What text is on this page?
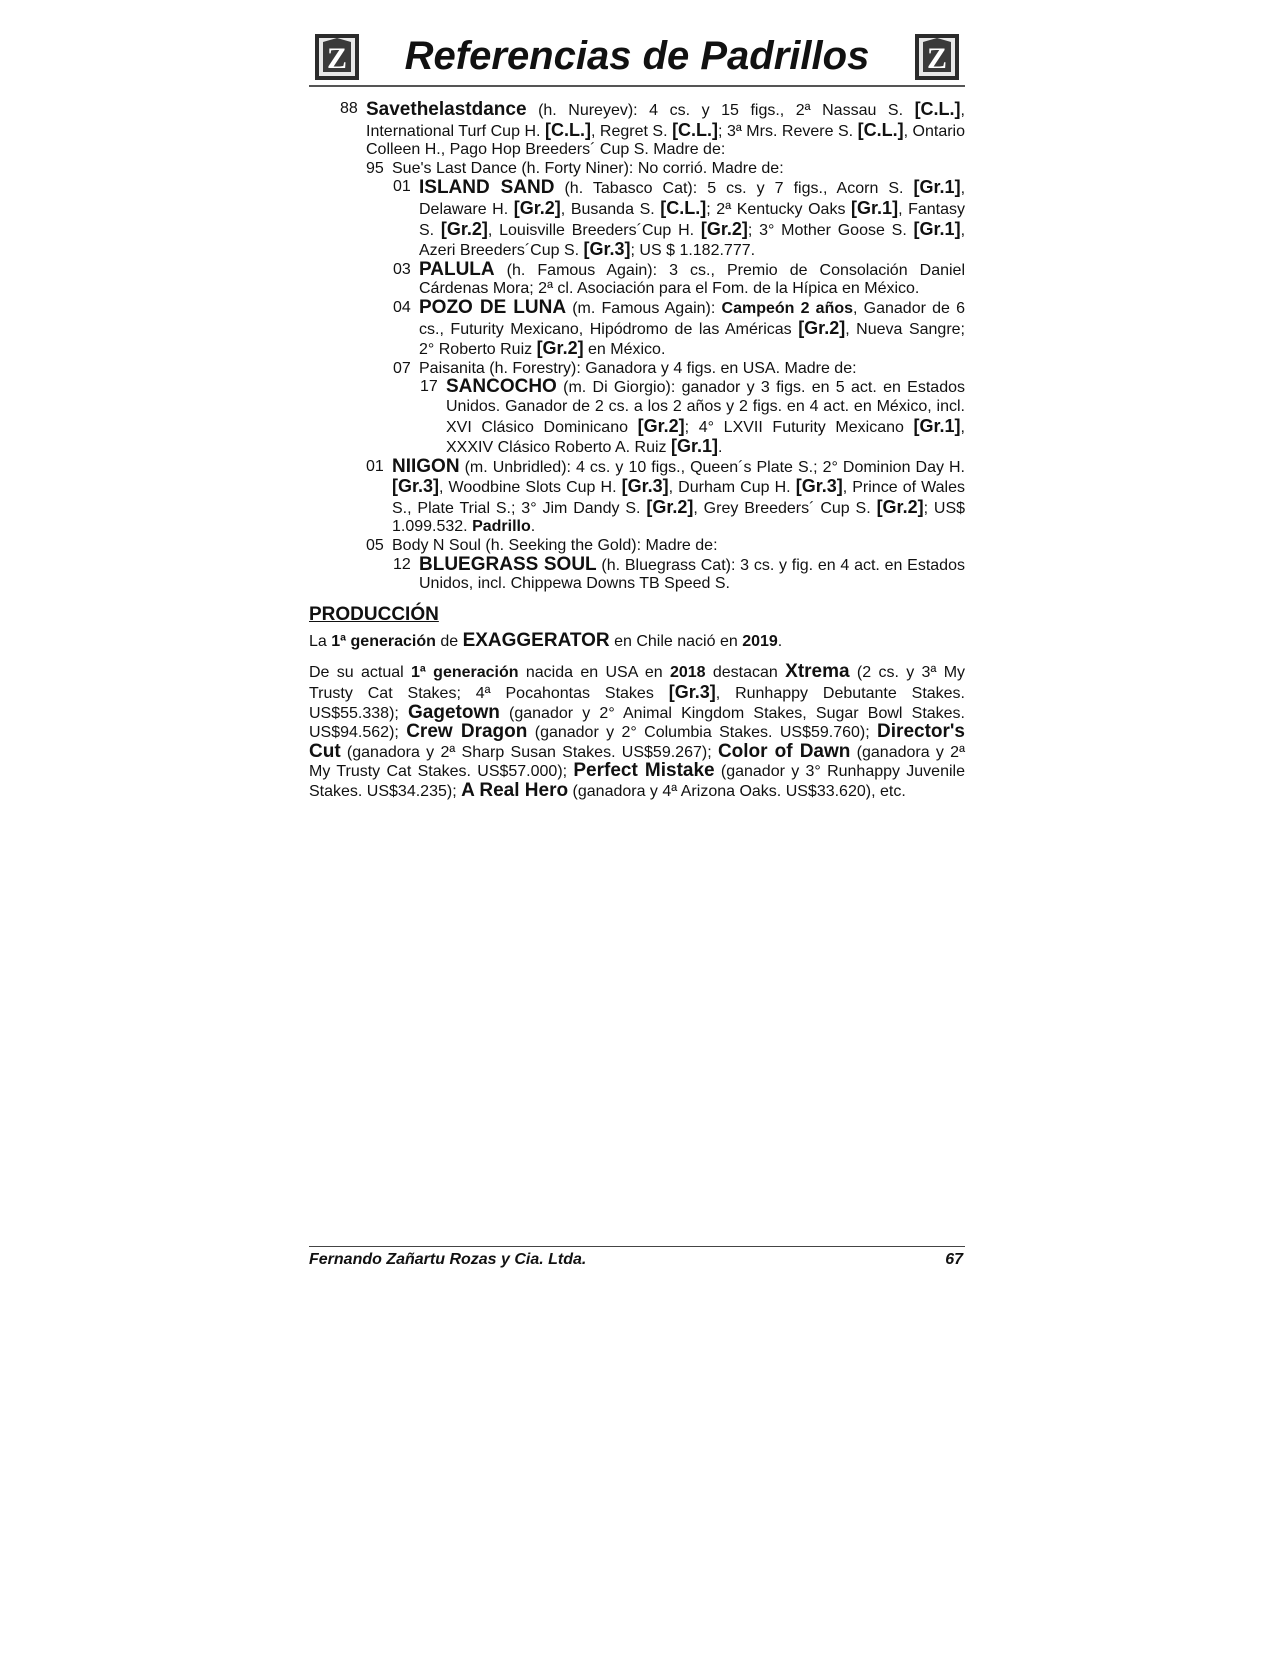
Z	Referencias de Padrillos	Z
88 Savethelastdance (h. Nureyev): 4 cs. y 15 figs., 2ª Nassau S. [C.L.], International Turf Cup H. [C.L.], Regret S. [C.L.]; 3ª Mrs. Revere S. [C.L.], Ontario Colleen H., Pago Hop Breeders´ Cup S. Madre de:
95 Sue's Last Dance (h. Forty Niner): No corrió. Madre de:
01 ISLAND SAND (h. Tabasco Cat): 5 cs. y 7 figs., Acorn S. [Gr.1], Delaware H. [Gr.2], Busanda S. [C.L.]; 2ª Kentucky Oaks [Gr.1], Fantasy S. [Gr.2], Louisville Breeders´Cup H. [Gr.2]; 3° Mother Goose S. [Gr.1], Azeri Breeders´Cup S. [Gr.3]; US $ 1.182.777.
03 PALULA (h. Famous Again): 3 cs., Premio de Consolación Daniel Cárdenas Mora; 2ª cl. Asociación para el Fom. de la Hípica en México.
04 POZO DE LUNA (m. Famous Again): Campeón 2 años, Ganador de 6 cs., Futurity Mexicano, Hipódromo de las Américas [Gr.2], Nueva Sangre; 2° Roberto Ruiz [Gr.2] en México.
07 Paisanita (h. Forestry): Ganadora y 4 figs. en USA. Madre de:
17 SANCOCHO (m. Di Giorgio): ganador y 3 figs. en 5 act. en Estados Unidos. Ganador de 2 cs. a los 2 años y 2 figs. en 4 act. en México, incl. XVI Clásico Dominicano [Gr.2]; 4° LXVII Futurity Mexicano [Gr.1], XXXIV Clásico Roberto A. Ruiz [Gr.1].
01 NIIGON (m. Unbridled): 4 cs. y 10 figs., Queen´s Plate S.; 2° Dominion Day H. [Gr.3], Woodbine Slots Cup H. [Gr.3], Durham Cup H. [Gr.3], Prince of Wales S., Plate Trial S.; 3° Jim Dandy S. [Gr.2], Grey Breeders´ Cup S. [Gr.2]; US$ 1.099.532. Padrillo.
05 Body N Soul (h. Seeking the Gold): Madre de:
12 BLUEGRASS SOUL (h. Bluegrass Cat): 3 cs. y fig. en 4 act. en Estados Unidos, incl. Chippewa Downs TB Speed S.
PRODUCCIÓN
La 1ª generación de EXAGGERATOR en Chile nació en 2019.
De su actual 1ª generación nacida en USA en 2018 destacan Xtrema (2 cs. y 3ª My Trusty Cat Stakes; 4ª Pocahontas Stakes [Gr.3], Runhappy Debutante Stakes. US$55.338); Gagetown (ganador y 2° Animal Kingdom Stakes, Sugar Bowl Stakes. US$94.562); Crew Dragon (ganador y 2° Columbia Stakes. US$59.760); Director's Cut (ganadora y 2ª Sharp Susan Stakes. US$59.267); Color of Dawn (ganadora y 2ª My Trusty Cat Stakes. US$57.000); Perfect Mistake (ganador y 3° Runhappy Juvenile Stakes. US$34.235); A Real Hero (ganadora y 4ª Arizona Oaks. US$33.620), etc.
Fernando Zañartu Rozas y Cia. Ltda.	67
